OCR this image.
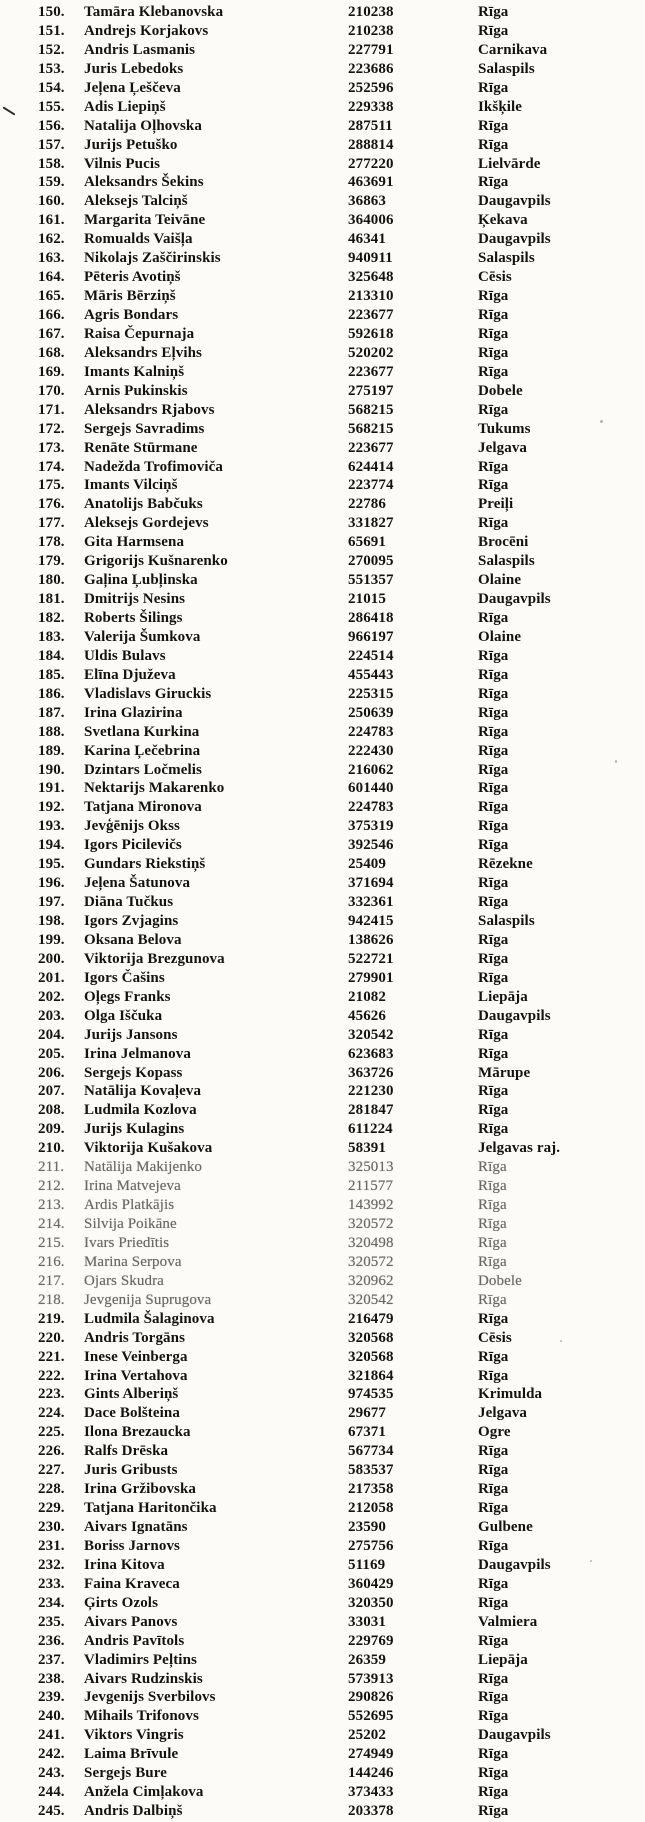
150.	Tamāra Klebanovska	210238	Rīga
151.	Andrejs Korjakovs	210238	Rīga
152.	Andris Lasmanis	227791	Carnikava
153.	Juris Lebedoks	223686	Salaspils
154.	Jeļena Ļeščeva	252596	Rīga
155.	Adis Liepiņš	229338	Ikšķile
156.	Natalija Oļhovska	287511	Rīga
157.	Jurijs Petuško	288814	Rīga
158.	Vilnis Pucis	277220	Lielvārde
159.	Aleksandrs Šekins	463691	Rīga
160.	Aleksejs Talciņš	36863	Daugavpils
161.	Margarita Teivāne	364006	Ķekava
162.	Romualds Vaišļa	46341	Daugavpils
163.	Nikolajs Zaščirinskis	940911	Salaspils
164.	Pēteris Avotiņš	325648	Cēsis
165.	Māris Bērziņš	213310	Rīga
166.	Agris Bondars	223677	Rīga
167.	Raisa Čepurnaja	592618	Rīga
168.	Aleksandrs Eļvihs	520202	Rīga
169.	Imants Kalniņš	223677	Rīga
170.	Arnis Pukinskis	275197	Dobele
171.	Aleksandrs Rjabovs	568215	Rīga
172.	Sergejs Savradims	568215	Tukums
173.	Renāte Stūrmane	223677	Jelgava
174.	Nadežda Trofimoviča	624414	Rīga
175.	Imants Vilciņš	223774	Rīga
176.	Anatolijs Babčuks	22786	Preiļi
177.	Aleksejs Gordejevs	331827	Rīga
178.	Gita Harmsena	65691	Brocēni
179.	Grigorijs Kušnarenko	270095	Salaspils
180.	Gaļina Ļubļinska	551357	Olaine
181.	Dmitrijs Nesins	21015	Daugavpils
182.	Roberts Šilings	286418	Rīga
183.	Valerija Šumkova	966197	Olaine
184.	Uldis Bulavs	224514	Rīga
185.	Elīna Djuževa	455443	Rīga
186.	Vladislavs Giruckis	225315	Rīga
187.	Irina Glazirina	250639	Rīga
188.	Svetlana Kurkina	224783	Rīga
189.	Karina Ļečebrina	222430	Rīga
190.	Dzintars Ločmelis	216062	Rīga
191.	Nektarijs Makarenko	601440	Rīga
192.	Tatjana Mironova	224783	Rīga
193.	Jevģēnijs Okss	375319	Rīga
194.	Igors Picilevičs	392546	Rīga
195.	Gundars Riekstiņš	25409	Rēzekne
196.	Jeļena Šatunova	371694	Rīga
197.	Diāna Tučkus	332361	Rīga
198.	Igors Zvjagins	942415	Salaspils
199.	Oksana Belova	138626	Rīga
200.	Viktorija Brezgunova	522721	Rīga
201.	Igors Čašins	279901	Rīga
202.	Oļegs Franks	21082	Liepāja
203.	Olga Iščuka	45626	Daugavpils
204.	Jurijs Jansons	320542	Rīga
205.	Irina Jelmanova	623683	Rīga
206.	Sergejs Kopass	363726	Mārupe
207.	Natālija Kovaļeva	221230	Rīga
208.	Ludmila Kozlova	281847	Rīga
209.	Jurijs Kulagins	611224	Rīga
210.	Viktorija Kušakova	58391	Jelgavas raj.
211.	Natālija Makijenko	325013	Rīga
212.	Irina Matvejeva	211577	Rīga
213.	Ardis Platkājis	143992	Rīga
214.	Silvija Poikāne	320572	Rīga
215.	Ivars Priedītis	320498	Rīga
216.	Marina Serpova	320572	Rīga
217.	Ojars Skudra	320962	Dobele
218.	Jevgenija Suprugova	320542	Rīga
219.	Ludmila Šalaginova	216479	Rīga
220.	Andris Torgāns	320568	Cēsis
221.	Inese Veinberga	320568	Rīga
222.	Irina Vertahova	321864	Rīga
223.	Gints Alberiņš	974535	Krimulda
224.	Dace Bolšteina	29677	Jelgava
225.	Ilona Brezaucka	67371	Ogre
226.	Ralfs Drēska	567734	Rīga
227.	Juris Gribusts	583537	Rīga
228.	Irina Gržibovska	217358	Rīga
229.	Tatjana Haritončika	212058	Rīga
230.	Aivars Ignatāns	23590	Gulbene
231.	Boriss Jarnovs	275756	Rīga
232.	Irina Kitova	51169	Daugavpils
233.	Faina Kraveca	360429	Rīga
234.	Ģirts Ozols	320350	Rīga
235.	Aivars Panovs	33031	Valmiera
236.	Andris Pavītols	229769	Rīga
237.	Vladimirs Peļtins	26359	Liepāja
238.	Aivars Rudzinskis	573913	Rīga
239.	Jevgenijs Sverbilovs	290826	Rīga
240.	Mihails Trifonovs	552695	Rīga
241.	Viktors Vingris	25202	Daugavpils
242.	Laima Brīvule	274949	Rīga
243.	Sergejs Bure	144246	Rīga
244.	Anžela Cimļakova	373433	Rīga
245.	Andris Dalbiņš	203378	Rīga
